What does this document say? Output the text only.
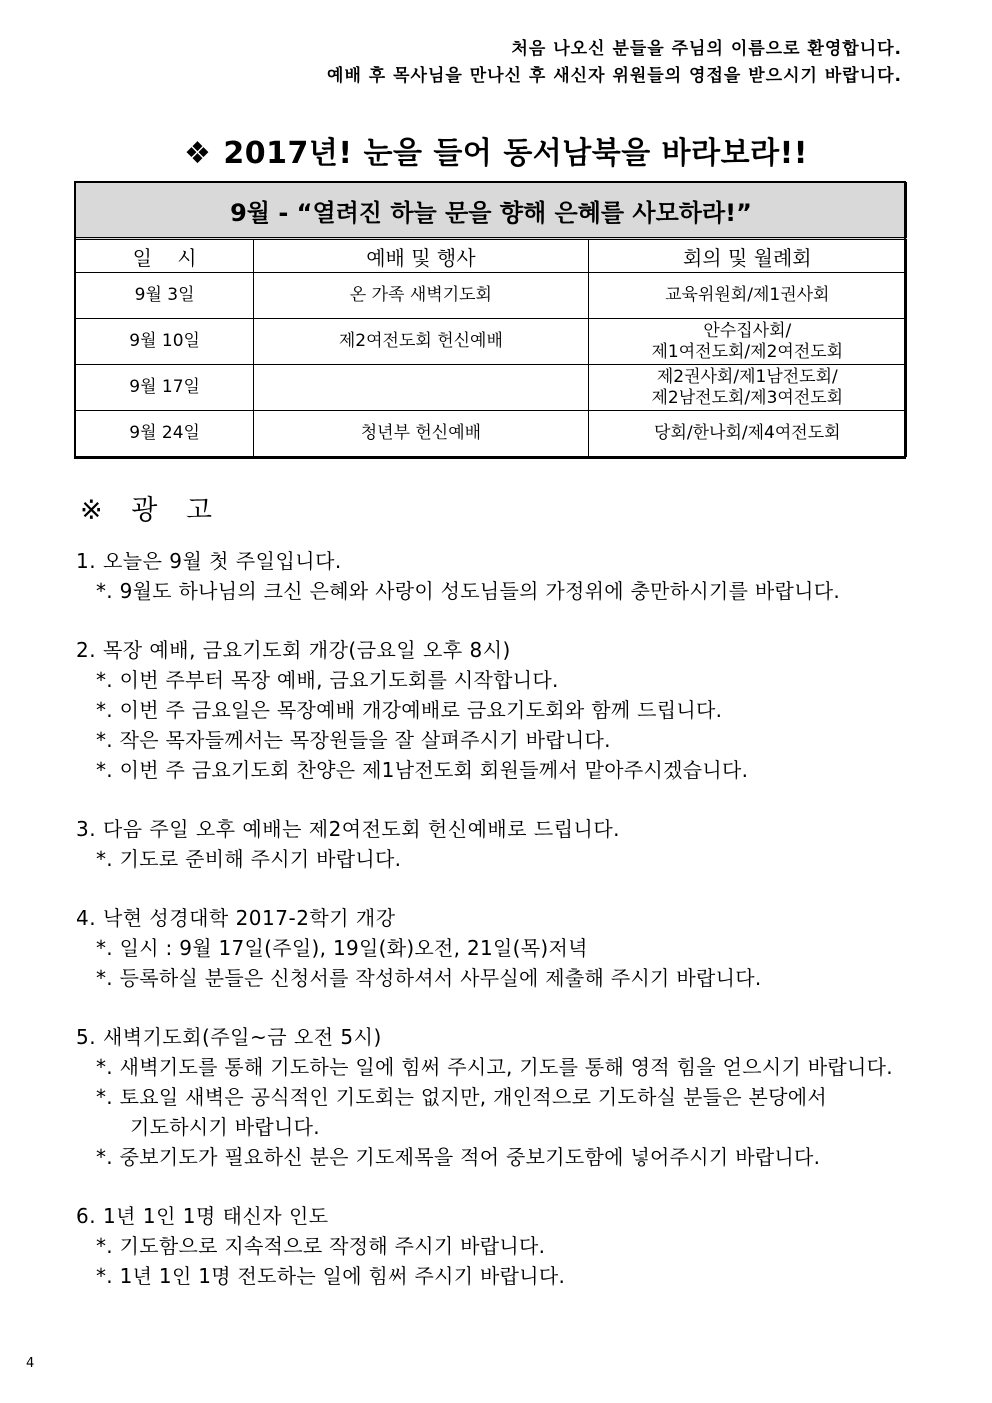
처음 나오신 분들을 주님의 이름으로 환영합니다.
예배 후 목사님을 만나신 후 새신자 위원들의 영접을 받으시기 바랍니다.
❖ 2017년! 눈을 들어 동서남북을 바라보라!!
9월 - “열려진 하늘 문을 향해 은혜를 사모하라!”		
일    시	예배 및 행사	회의 및 월례회
9월 3일	온 가족 새벽기도회	교육위원회/제1권사회

9월 10일	제2여전도회 헌신예배	안수집사회/
제1여전도회/제2여전도회

9월 17일		제2권사회/제1남전도회/
제2남전도회/제3여전도회

9월 24일	청년부 헌신예배	당회/한나회/제4여전도회
※ 광 고
1. 오늘은 9월 첫 주일입니다.
*. 9월도 하나님의 크신 은혜와 사랑이 성도님들의 가정위에 충만하시기를 바랍니다.
2. 목장 예배, 금요기도회 개강(금요일 오후 8시)
*. 이번 주부터 목장 예배, 금요기도회를 시작합니다.
*. 이번 주 금요일은 목장예배 개강예배로 금요기도회와 함께 드립니다.
*. 작은 목자들께서는 목장원들을 잘 살펴주시기 바랍니다.
*. 이번 주 금요기도회 찬양은 제1남전도회 회원들께서 맡아주시겠습니다.
3. 다음 주일 오후 예배는 제2여전도회 헌신예배로 드립니다.
*. 기도로 준비해 주시기 바랍니다.
4. 낙현 성경대학 2017-2학기 개강
*. 일시 : 9월 17일(주일), 19일(화)오전, 21일(목)저녁
*. 등록하실 분들은 신청서를 작성하셔서 사무실에 제출해 주시기 바랍니다.
5. 새벽기도회(주일~금 오전 5시)
*. 새벽기도를 통해 기도하는 일에 힘써 주시고, 기도를 통해 영적 힘을 얻으시기 바랍니다.
*. 토요일 새벽은 공식적인 기도회는 없지만, 개인적으로 기도하실 분들은 본당에서
기도하시기 바랍니다.
*. 중보기도가 필요하신 분은 기도제목을 적어 중보기도함에 넣어주시기 바랍니다.
6. 1년 1인 1명 태신자 인도
*. 기도함으로 지속적으로 작정해 주시기 바랍니다.
*. 1년 1인 1명 전도하는 일에 힘써 주시기 바랍니다.
4
